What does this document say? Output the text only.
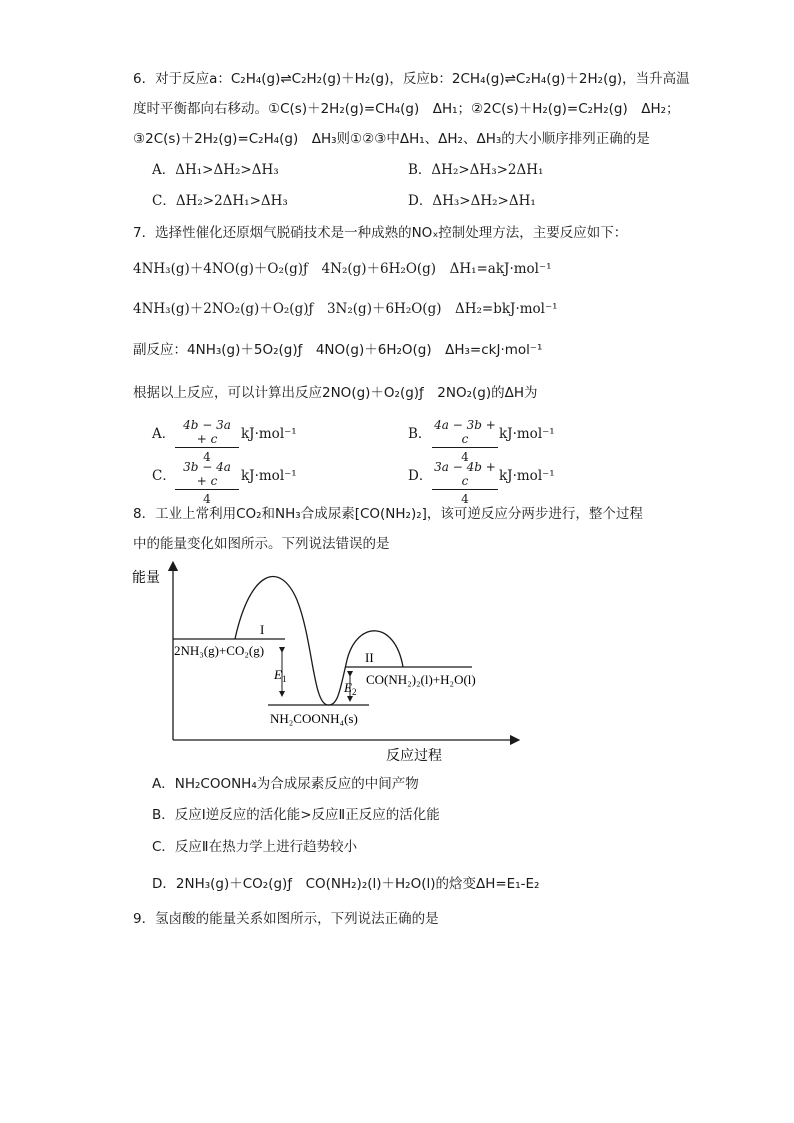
6．对于反应a：C₂H₄(g)⇌C₂H₂(g)＋H₂(g)，反应b：2CH₄(g)⇌C₂H₄(g)＋2H₂(g)，当升高温
度时平衡都向右移动。①C(s)＋2H₂(g)=CH₄(g)　ΔH₁；②2C(s)＋H₂(g)=C₂H₂(g)　ΔH₂；
③2C(s)＋2H₂(g)=C₂H₄(g)　ΔH₃则①②③中ΔH₁、ΔH₂、ΔH₃的大小顺序排列正确的是
A．ΔH₁>ΔH₂>ΔH₃	B．ΔH₂>ΔH₃>2ΔH₁
C．ΔH₂>2ΔH₁>ΔH₃	D．ΔH₃>ΔH₂>ΔH₁
7．选择性催化还原烟气脱硝技术是一种成熟的NOₓ控制处理方法，主要反应如下：
4NH₃(g)＋4NO(g)＋O₂(g)ƒ　4N₂(g)＋6H₂O(g)　ΔH₁=akJ·mol⁻¹
4NH₃(g)＋2NO₂(g)＋O₂(g)ƒ　3N₂(g)＋6H₂O(g)　ΔH₂=bkJ·mol⁻¹
副反应：4NH₃(g)＋5O₂(g)ƒ　4NO(g)＋6H₂O(g)　ΔH₃=ckJ·mol⁻¹
根据以上反应，可以计算出反应2NO(g)＋O₂(g)ƒ　2NO₂(g)的ΔH为
A． $\frac{4b - 3a + c}{4} kJ\cdot mol^{-1}$	B． $\frac{4a - 3b + c}{4} kJ\cdot mol^{-1}$
C． $\frac{3b - 4a + c}{4} kJ\cdot mol^{-1}$	D． $\frac{3a - 4b + c}{4} kJ\cdot mol^{-1}$
8．工业上常利用CO₂和NH₃合成尿素[CO(NH₂)₂]，该可逆反应分两步进行，整个过程
中的能量变化如图所示。下列说法错误的是
能量
反应过程
I
II
2NH₃(g)+CO₂(g)
NH₂COONH₄(s)
CO(NH₂)₂(l)+H₂O(l)
$E_1$
$E_2$
A．NH₂COONH₄为合成尿素反应的中间产物
B．反应Ⅰ逆反应的活化能>反应Ⅱ正反应的活化能
C．反应Ⅱ在热力学上进行趋势较小
D．2NH₃(g)＋CO₂(g)ƒ　CO(NH₂)₂(l)＋H₂O(l)的焓变ΔH=E₁-E₂
9．氢卤酸的能量关系如图所示，下列说法正确的是
